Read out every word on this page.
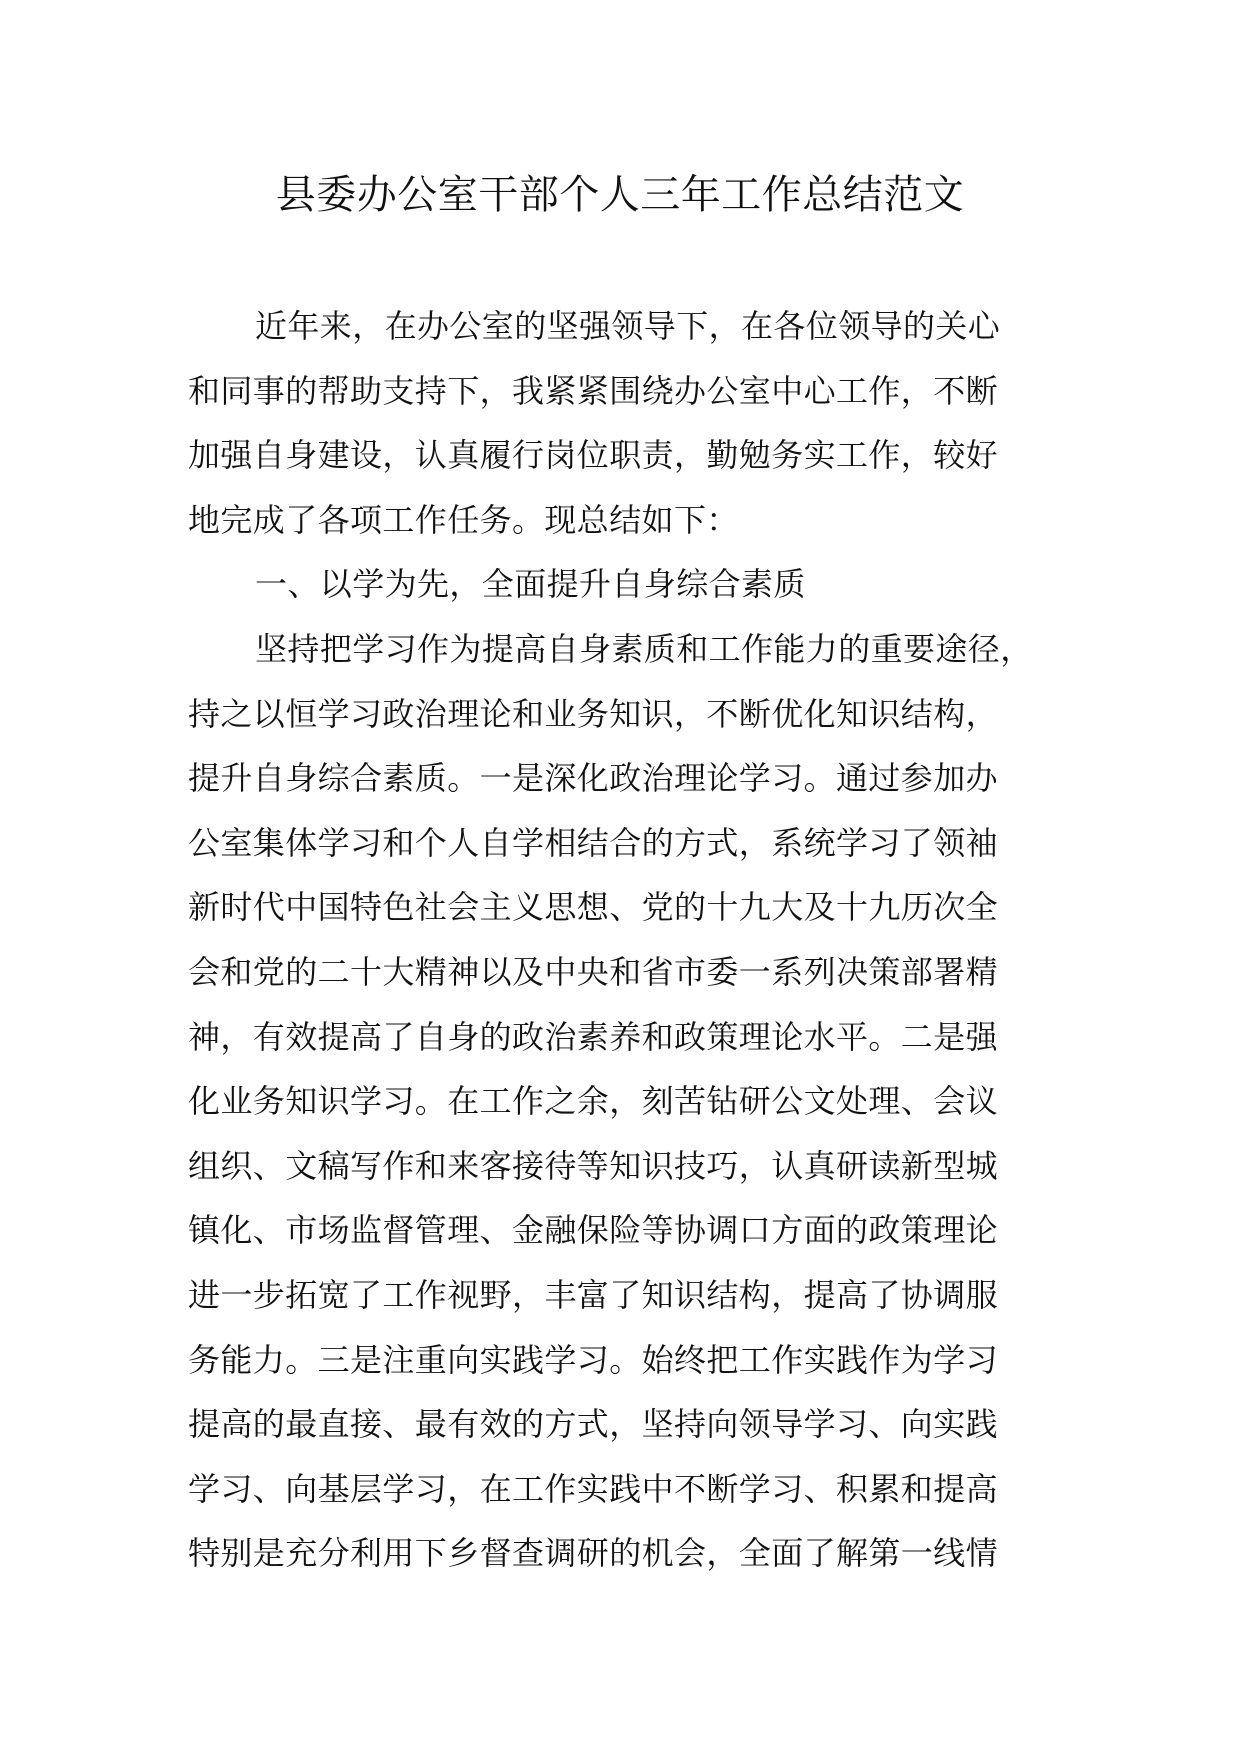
县委办公室干部个人三年工作总结范文
近年来，在办公室的坚强领导下，在各位领导的关心
和同事的帮助支持下，我紧紧围绕办公室中心工作，不断
加强自身建设，认真履行岗位职责，勤勉务实工作，较好
地完成了各项工作任务。现总结如下：
一、以学为先，全面提升自身综合素质
坚持把学习作为提高自身素质和工作能力的重要途径，
持之以恒学习政治理论和业务知识，不断优化知识结构，
提升自身综合素质。一是深化政治理论学习。通过参加办
公室集体学习和个人自学相结合的方式，系统学习了领袖
新时代中国特色社会主义思想、党的十九大及十九历次全
会和党的二十大精神以及中央和省市委一系列决策部署精
神，有效提高了自身的政治素养和政策理论水平。二是强
化业务知识学习。在工作之余，刻苦钻研公文处理、会议
组织、文稿写作和来客接待等知识技巧，认真研读新型城
镇化、市场监督管理、金融保险等协调口方面的政策理论
进一步拓宽了工作视野，丰富了知识结构，提高了协调服
务能力。三是注重向实践学习。始终把工作实践作为学习
提高的最直接、最有效的方式，坚持向领导学习、向实践
学习、向基层学习，在工作实践中不断学习、积累和提高
特别是充分利用下乡督查调研的机会，全面了解第一线情
